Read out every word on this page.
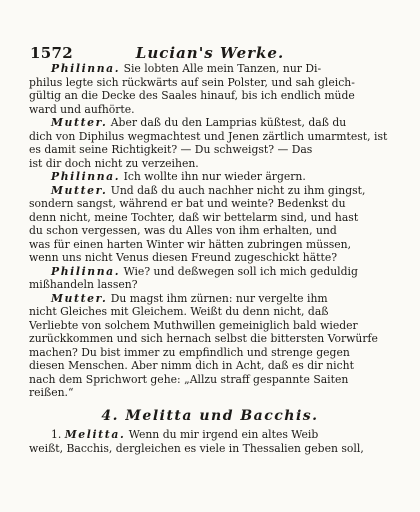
1572	Lucian's Werke.

Philinna. Sie lobten Alle mein Tanzen, nur Di-
philus legte sich rückwärts auf sein Polster, und sah gleich-
gültig an die Decke des Saales hinauf, bis ich endlich müde
ward und aufhörte.

Mutter. Aber daß du den Lamprias küßtest, daß du
dich von Diphilus wegmachtest und Jenen zärtlich umarmtest, ist
es damit seine Richtigkeit? — Du schweigst? — Das
ist dir doch nicht zu verzeihen.

Philinna. Ich wollte ihn nur wieder ärgern.

Mutter. Und daß du auch nachher nicht zu ihm gingst,
sondern sangst, während er bat und weinte? Bedenkst du
denn nicht, meine Tochter, daß wir bettelarm sind, und hast
du schon vergessen, was du Alles von ihm erhalten, und
was für einen harten Winter wir hätten zubringen müssen,
wenn uns nicht Venus diesen Freund zugeschickt hätte?

Philinna. Wie? und deßwegen soll ich mich geduldig
mißhandeln lassen?

Mutter. Du magst ihm zürnen: nur vergelte ihm
nicht Gleiches mit Gleichem. Weißt du denn nicht, daß
Verliebte von solchem Muthwillen gemeiniglich bald wieder
zurückkommen und sich hernach selbst die bittersten Vorwürfe
machen? Du bist immer zu empfindlich und strenge gegen
diesen Menschen. Aber nimm dich in Acht, daß es dir nicht
nach dem Sprichwort gehe: „Allzu straff gespannte Saiten
reißen.“

4. Melitta und Bacchis.
1. Melitta. Wenn du mir irgend ein altes Weib
weißt, Bacchis, dergleichen es viele in Thessalien geben soll,
